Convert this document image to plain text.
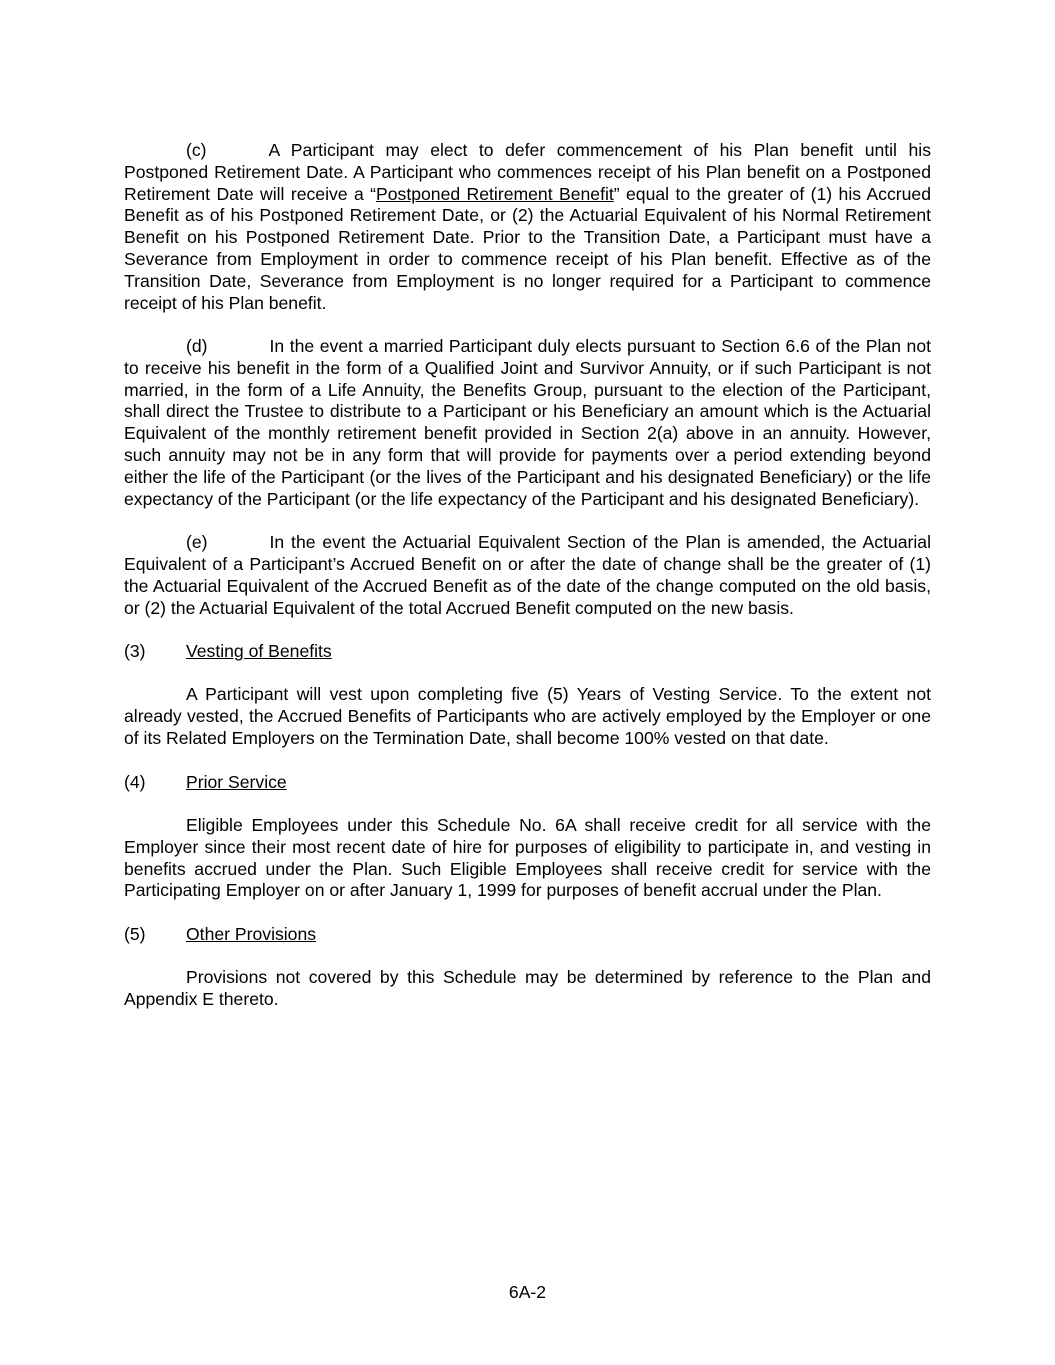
(c)	A Participant may elect to defer commencement of his Plan benefit until his Postponed Retirement Date. A Participant who commences receipt of his Plan benefit on a Postponed Retirement Date will receive a “Postponed Retirement Benefit” equal to the greater of (1) his Accrued Benefit as of his Postponed Retirement Date, or (2) the Actuarial Equivalent of his Normal Retirement Benefit on his Postponed Retirement Date. Prior to the Transition Date, a Participant must have a Severance from Employment in order to commence receipt of his Plan benefit. Effective as of the Transition Date, Severance from Employment is no longer required for a Participant to commence receipt of his Plan benefit.

(d)	In the event a married Participant duly elects pursuant to Section 6.6 of the Plan not to receive his benefit in the form of a Qualified Joint and Survivor Annuity, or if such Participant is not married, in the form of a Life Annuity, the Benefits Group, pursuant to the election of the Participant, shall direct the Trustee to distribute to a Participant or his Beneficiary an amount which is the Actuarial Equivalent of the monthly retirement benefit provided in Section 2(a) above in an annuity. However, such annuity may not be in any form that will provide for payments over a period extending beyond either the life of the Participant (or the lives of the Participant and his designated Beneficiary) or the life expectancy of the Participant (or the life expectancy of the Participant and his designated Beneficiary).

(e)	In the event the Actuarial Equivalent Section of the Plan is amended, the Actuarial Equivalent of a Participant’s Accrued Benefit on or after the date of change shall be the greater of (1) the Actuarial Equivalent of the Accrued Benefit as of the date of the change computed on the old basis, or (2) the Actuarial Equivalent of the total Accrued Benefit computed on the new basis.

(3) Vesting of Benefits

A Participant will vest upon completing five (5) Years of Vesting Service. To the extent not already vested, the Accrued Benefits of Participants who are actively employed by the Employer or one of its Related Employers on the Termination Date, shall become 100% vested on that date.

(4) Prior Service

Eligible Employees under this Schedule No. 6A shall receive credit for all service with the Employer since their most recent date of hire for purposes of eligibility to participate in, and vesting in benefits accrued under the Plan. Such Eligible Employees shall receive credit for service with the Participating Employer on or after January 1, 1999 for purposes of benefit accrual under the Plan.

(5) Other Provisions

Provisions not covered by this Schedule may be determined by reference to the Plan and Appendix E thereto.

6A-2
